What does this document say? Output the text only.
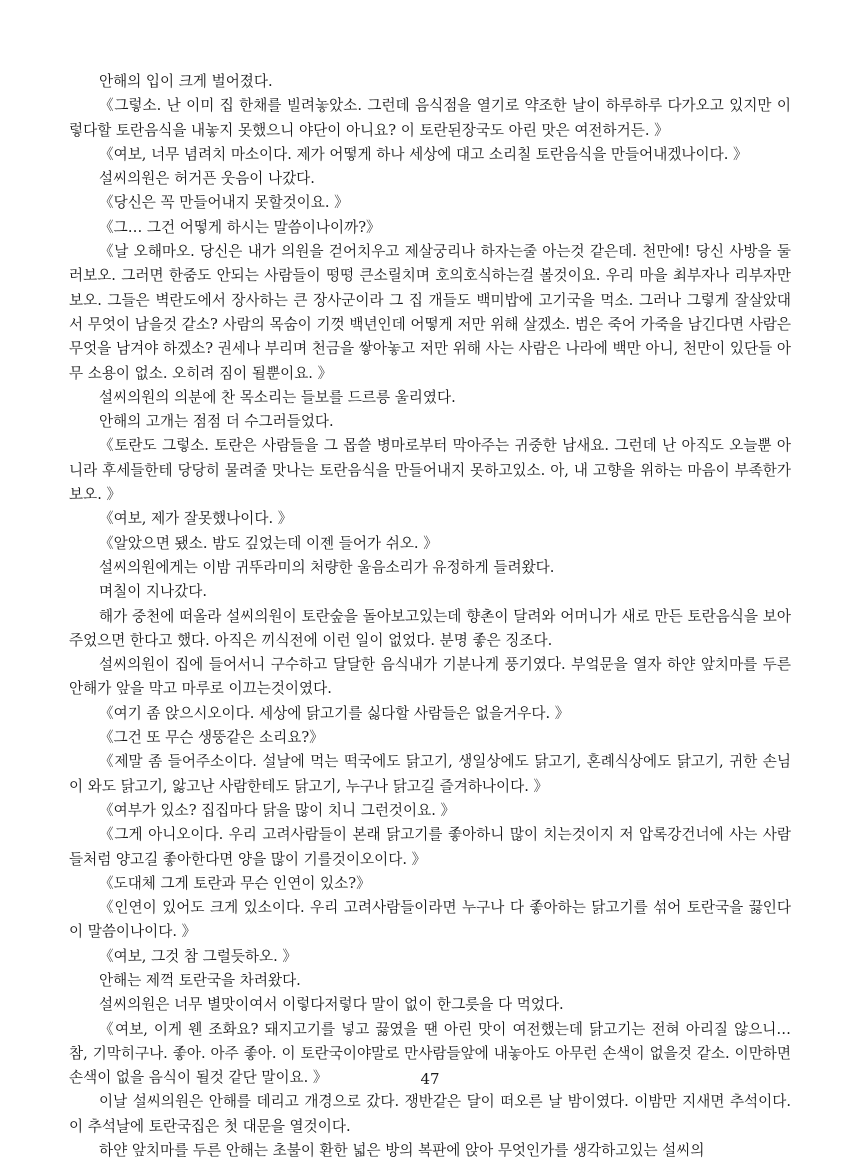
안해의 입이 크게 벌어졌다.

《그렇소. 난 이미 집 한채를 빌려놓았소. 그런데 음식점을 열기로 약조한 날이 하루하루 다가오고 있지만 이렇다할 토란음식을 내놓지 못했으니 야단이 아니요? 이 토란된장국도 아린 맛은 여전하거든. 》

《여보, 너무 념려치 마소이다. 제가 어떻게 하나 세상에 대고 소리칠 토란음식을 만들어내겠나이다. 》

설씨의원은 허거픈 웃음이 나갔다.

《당신은 꼭 만들어내지 못할것이요. 》

《그… 그건 어떻게 하시는 말씀이나이까?》

《날 오해마오. 당신은 내가 의원을 걷어치우고 제살궁리나 하자는줄 아는것 같은데. 천만에! 당신 사방을 둘러보오. 그러면 한줌도 안되는 사람들이 떵떵 큰소릴치며 호의호식하는걸 볼것이요. 우리 마을 최부자나 리부자만 보오. 그들은 벽란도에서 장사하는 큰 장사군이라 그 집 개들도 백미밥에 고기국을 먹소. 그러나 그렇게 잘살았대서 무엇이 남을것 같소? 사람의 목숨이 기껏 백년인데 어떻게 저만 위해 살겠소. 범은 죽어 가죽을 남긴다면 사람은 무엇을 남겨야 하겠소? 권세나 부리며 천금을 쌓아놓고 저만 위해 사는 사람은 나라에 백만 아니, 천만이 있단들 아무 소용이 없소. 오히려 짐이 될뿐이요. 》

설씨의원의 의분에 찬 목소리는 들보를 드르릉 울리였다.

안해의 고개는 점점 더 수그러들었다.

《토란도 그렇소. 토란은 사람들을 그 몹쓸 병마로부터 막아주는 귀중한 남새요. 그런데 난 아직도 오늘뿐 아니라 후세들한테 당당히 물려줄 맛나는 토란음식을 만들어내지 못하고있소. 아, 내 고향을 위하는 마음이 부족한가보오. 》

《여보, 제가 잘못했나이다. 》

《알았으면 됐소. 밤도 깊었는데 이젠 들어가 쉬오. 》

설씨의원에게는 이밤 귀뚜라미의 처량한 울음소리가 유정하게 들려왔다.

며칠이 지나갔다.

해가 중천에 떠올라 설씨의원이 토란숲을 돌아보고있는데 향촌이 달려와 어머니가 새로 만든 토란음식을 보아주었으면 한다고 했다. 아직은 끼식전에 이런 일이 없었다. 분명 좋은 징조다.

설씨의원이 집에 들어서니 구수하고 달달한 음식내가 기분나게 풍기였다. 부엌문을 열자 하얀 앞치마를 두른 안해가 앞을 막고 마루로 이끄는것이였다.

《여기 좀 앉으시오이다. 세상에 닭고기를 싫다할 사람들은 없을거우다. 》

《그건 또 무슨 생뚱같은 소리요?》

《제말 좀 들어주소이다. 설날에 먹는 떡국에도 닭고기, 생일상에도 닭고기, 혼례식상에도 닭고기, 귀한 손님이 와도 닭고기, 앓고난 사람한테도 닭고기, 누구나 닭고길 즐겨하나이다. 》

《여부가 있소? 집집마다 닭을 많이 치니 그런것이요. 》

《그게 아니오이다. 우리 고려사람들이 본래 닭고기를 좋아하니 많이 치는것이지 저 압록강건너에 사는 사람들처럼 양고길 좋아한다면 양을 많이 기를것이오이다. 》

《도대체 그게 토란과 무슨 인연이 있소?》

《인연이 있어도 크게 있소이다. 우리 고려사람들이라면 누구나 다 좋아하는 닭고기를 섞어 토란국을 끓인다 이 말씀이나이다. 》

《여보, 그것 참 그럴듯하오. 》

안해는 제꺽 토란국을 차려왔다.

설씨의원은 너무 별맛이여서 이렇다저렇다 말이 없이 한그릇을 다 먹었다.

《여보, 이게 웬 조화요? 돼지고기를 넣고 끓였을 땐 아린 맛이 여전했는데 닭고기는 전혀 아리질 않으니… 참, 기막히구나. 좋아. 아주 좋아. 이 토란국이야말로 만사람들앞에 내놓아도 아무런 손색이 없을것 같소. 이만하면 손색이 없을 음식이 될것 같단 말이요. 》

이날 설씨의원은 안해를 데리고 개경으로 갔다. 쟁반같은 달이 떠오른 날 밤이였다. 이밤만 지새면 추석이다. 이 추석날에 토란국집은 첫 대문을 열것이다.

하얀 앞치마를 두른 안해는 초불이 환한 넓은 방의 복판에 앉아 무엇인가를 생각하고있는 설씨의

47
